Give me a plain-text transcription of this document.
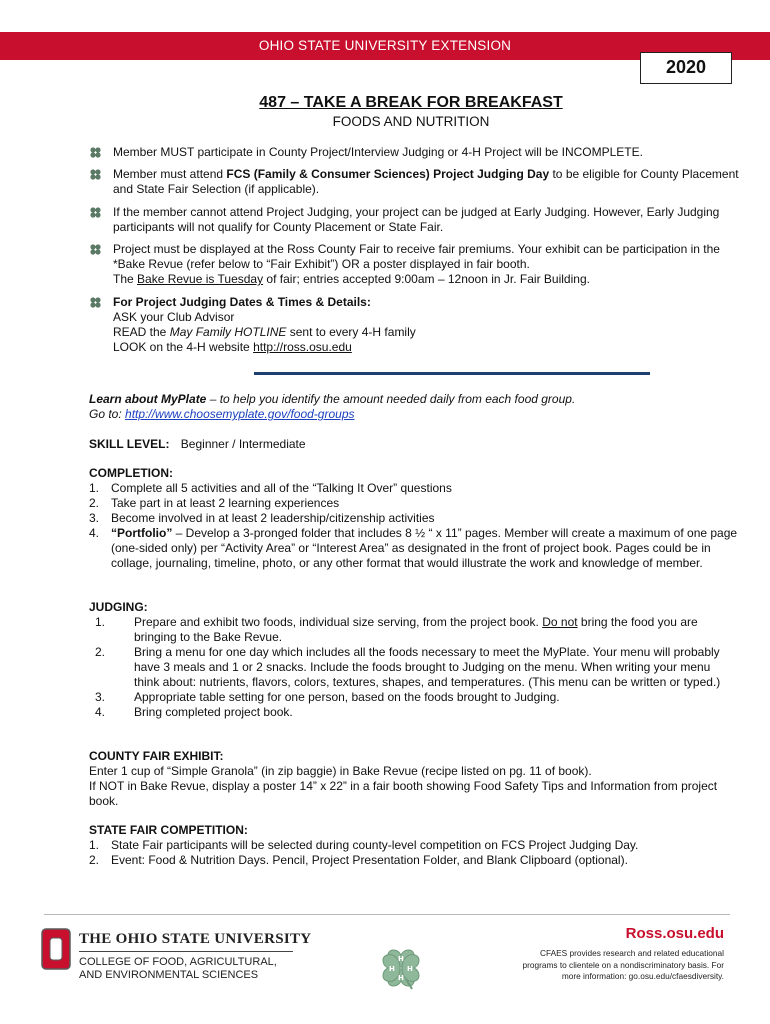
OHIO STATE UNIVERSITY EXTENSION
2020
487 – TAKE A BREAK FOR BREAKFAST
FOODS AND NUTRITION
Member MUST participate in County Project/Interview Judging or 4-H Project will be INCOMPLETE.
Member must attend FCS (Family & Consumer Sciences) Project Judging Day to be eligible for County Placement and State Fair Selection (if applicable).
If the member cannot attend Project Judging, your project can be judged at Early Judging. However, Early Judging participants will not qualify for County Placement or State Fair.
Project must be displayed at the Ross County Fair to receive fair premiums. Your exhibit can be participation in the *Bake Revue (refer below to “Fair Exhibit”) OR a poster displayed in fair booth.
The Bake Revue is Tuesday of fair; entries accepted 9:00am – 12noon in Jr. Fair Building.
For Project Judging Dates & Times & Details:
ASK your Club Advisor
READ the May Family HOTLINE sent to every 4-H family
LOOK on the 4-H website http://ross.osu.edu
Learn about MyPlate – to help you identify the amount needed daily from each food group.
Go to: http://www.choosemyplate.gov/food-groups
SKILL LEVEL: Beginner / Intermediate
COMPLETION:
1. Complete all 5 activities and all of the “Talking It Over” questions
2. Take part in at least 2 learning experiences
3. Become involved in at least 2 leadership/citizenship activities
4. “Portfolio” – Develop a 3-pronged folder that includes 8 ½ “ x 11” pages. Member will create a maximum of one page (one-sided only) per “Activity Area” or “Interest Area” as designated in the front of project book. Pages could be in collage, journaling, timeline, photo, or any other format that would illustrate the work and knowledge of member.
JUDGING:
1. Prepare and exhibit two foods, individual size serving, from the project book. Do not bring the food you are bringing to the Bake Revue.
2. Bring a menu for one day which includes all the foods necessary to meet the MyPlate. Your menu will probably have 3 meals and 1 or 2 snacks. Include the foods brought to Judging on the menu. When writing your menu think about: nutrients, flavors, colors, textures, shapes, and temperatures. (This menu can be written or typed.)
3. Appropriate table setting for one person, based on the foods brought to Judging.
4. Bring completed project book.
COUNTY FAIR EXHIBIT:
Enter 1 cup of “Simple Granola” (in zip baggie) in Bake Revue (recipe listed on pg. 11 of book).
If NOT in Bake Revue, display a poster 14” x 22” in a fair booth showing Food Safety Tips and Information from project book.
STATE FAIR COMPETITION:
1. State Fair participants will be selected during county-level competition on FCS Project Judging Day.
2. Event: Food & Nutrition Days. Pencil, Project Presentation Folder, and Blank Clipboard (optional).
THE OHIO STATE UNIVERSITY
COLLEGE OF FOOD, AGRICULTURAL,
AND ENVIRONMENTAL SCIENCES
H
H
H H
Ross.osu.edu
CFAES provides research and related educational
programs to clientele on a nondiscriminatory basis. For
more information: go.osu.edu/cfaesdiversity.
